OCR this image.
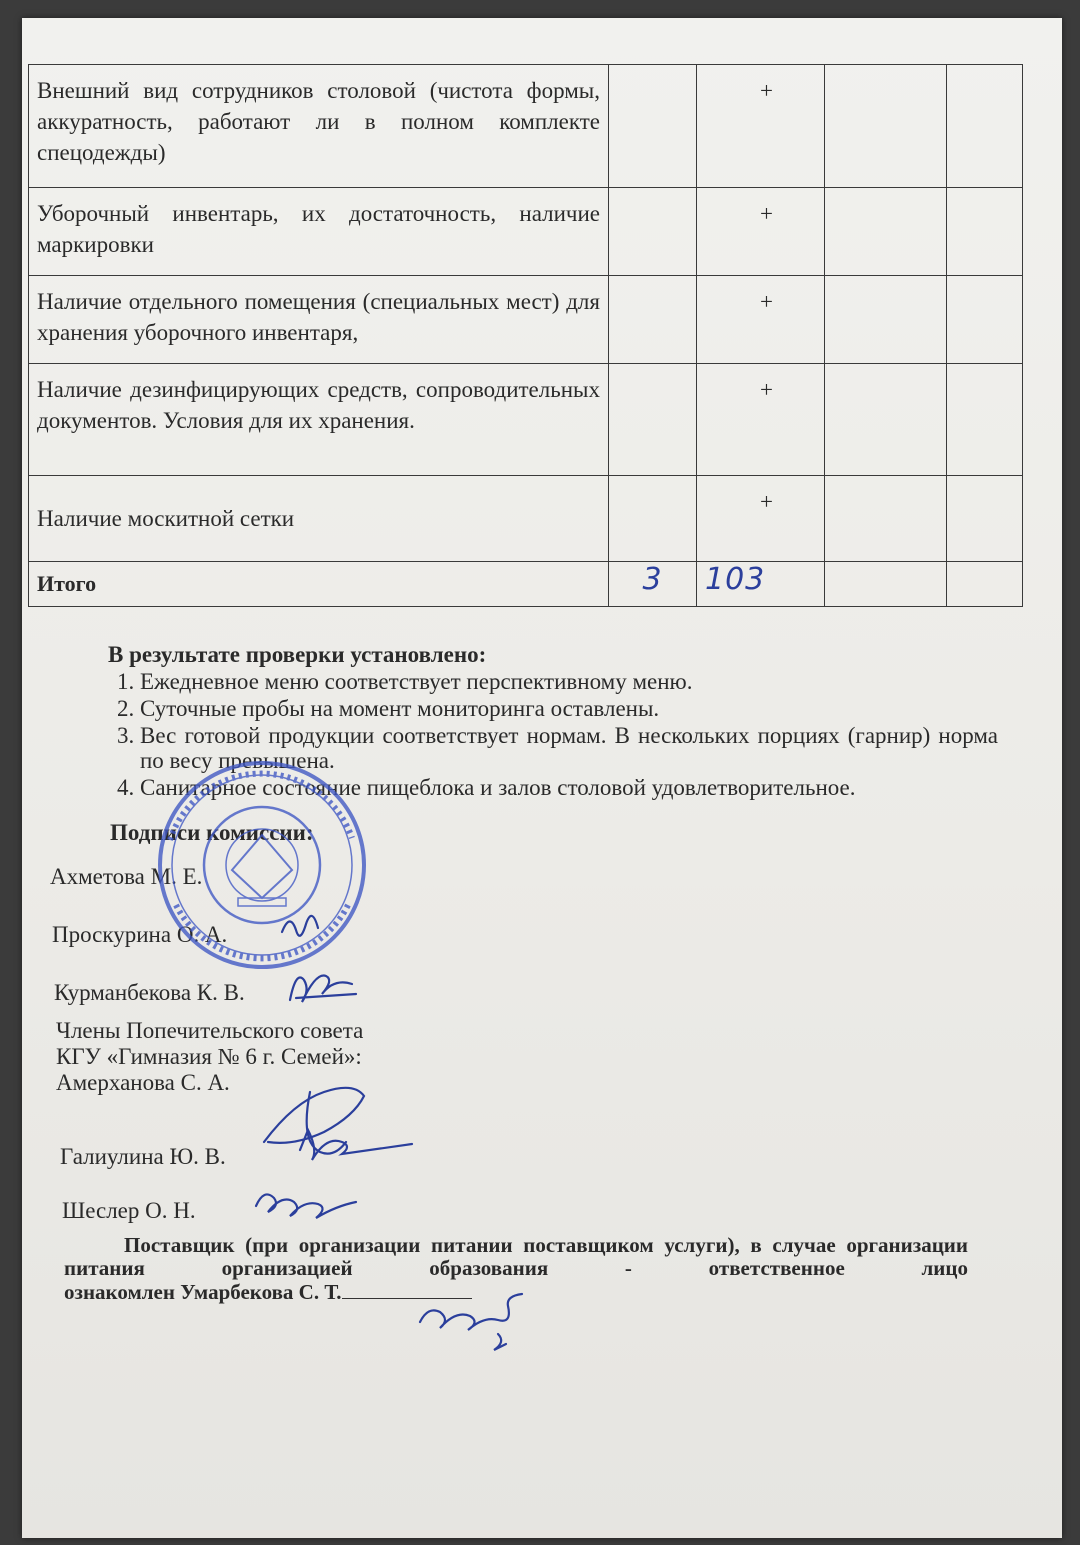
Внешний вид сотрудников столовой (чистота формы, аккуратность, работают ли в полном комплекте спецодежды)		+		
Уборочный инвентарь, их достаточность, наличие маркировки		+		
Наличие отдельного помещения (специальных мест) для хранения уборочного инвентаря,		+		
Наличие дезинфицирующих средств, сопроводительных документов. Условия для их хранения.		+		
Наличие москитной сетки		+		
Итого	3	103		
В результате проверки установлено:
1. Ежедневное меню соответствует перспективному меню.
2. Суточные пробы на момент мониторинга оставлены.
3. Вес готовой продукции соответствует нормам. В нескольких порциях (гарнир) норма по весу превышена.
4. Санитарное состояние пищеблока и залов столовой удовлетворительное.
Подписи комиссии:
Ахметова М. Е.
Проскурина О. А.
Курманбекова К. В.
Члены Попечительского совета
КГУ «Гимназия № 6 г. Семей»:
Амерханова С. А.
Галиулина Ю. В.
Шеслер О. Н.
Поставщик (при организации питании поставщиком услуги), в случае организации питания организацией образования - ответственное лицо
ознакомлен Умарбекова С. Т.
